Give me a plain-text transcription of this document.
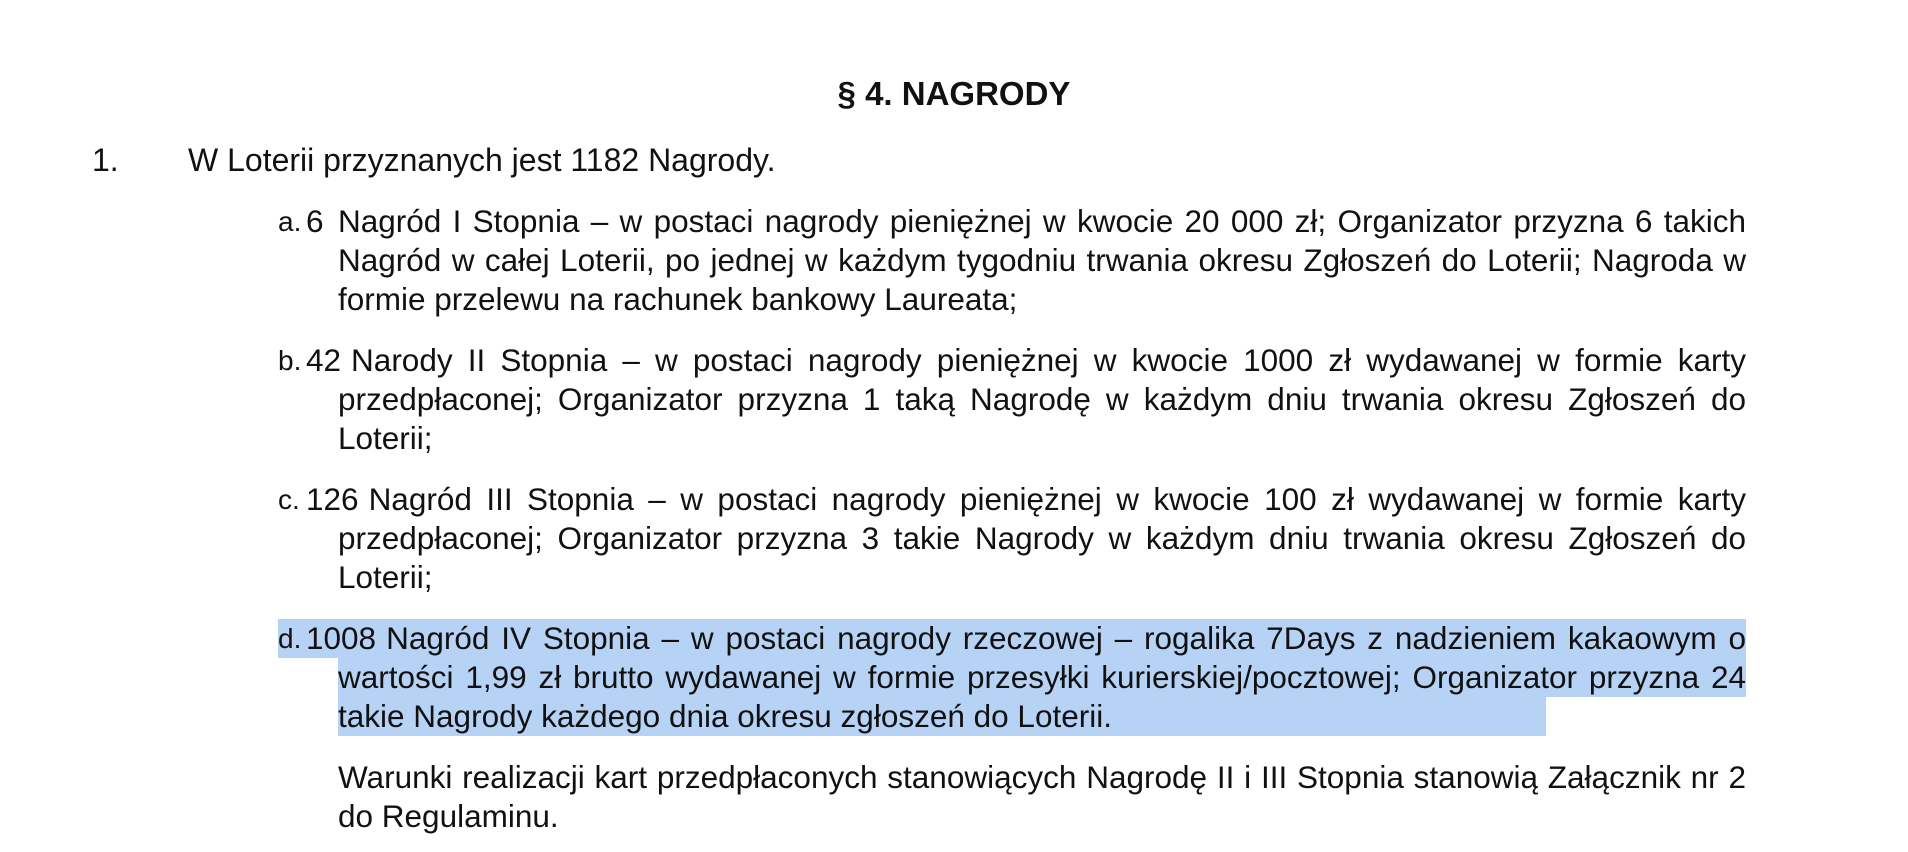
§ 4. NAGRODY
1. W Loterii przyznanych jest 1182 Nagrody.
a. 6 Nagród I Stopnia – w postaci nagrody pieniężnej w kwocie 20 000 zł; Organizator przyzna 6 takich Nagród w całej Loterii, po jednej w każdym tygodniu trwania okresu Zgłoszeń do Loterii; Nagroda w formie przelewu na rachunek bankowy Laureata;

b. 42 Narody II Stopnia – w postaci nagrody pieniężnej w kwocie 1000 zł wydawanej w formie karty przedpłaconej; Organizator przyzna 1 taką Nagrodę w każdym dniu trwania okresu Zgłoszeń do Loterii;

c. 126 Nagród III Stopnia – w postaci nagrody pieniężnej w kwocie 100 zł wydawanej w formie karty przedpłaconej; Organizator przyzna 3 takie Nagrody w każdym dniu trwania okresu Zgłoszeń do Loterii;

d. 1008 Nagród IV Stopnia – w postaci nagrody rzeczowej – rogalika 7Days z nadzieniem kakaowym o wartości 1,99 zł brutto wydawanej w formie przesyłki kurierskiej/pocztowej; Organizator przyzna 24 takie Nagrody każdego dnia okresu zgłoszeń do Loterii.

Warunki realizacji kart przedpłaconych stanowiących Nagrodę II i III Stopnia stanowią Załącznik nr 2 do Regulaminu.
